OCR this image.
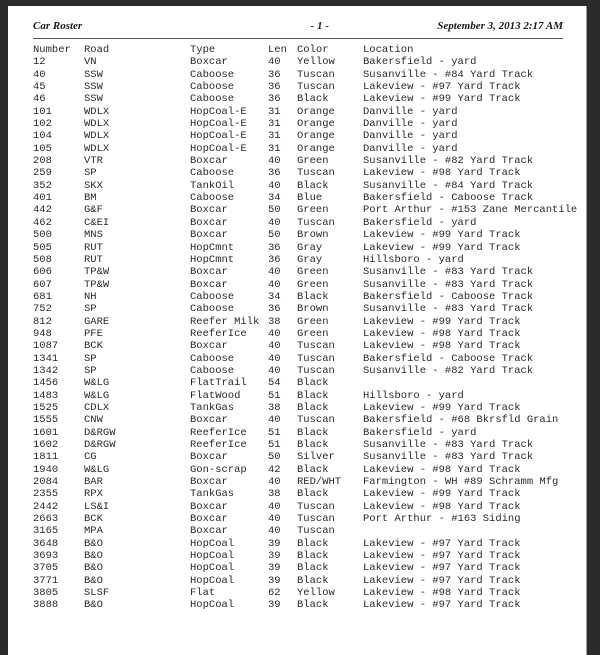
Car Roster	- 1 -	September 3, 2013 2:17 AM
Number	Road	Type	Len	Color	Location
12	VN	Boxcar	40	Yellow	Bakersfield - yard
40	SSW	Caboose	36	Tuscan	Susanville - #84 Yard Track
45	SSW	Caboose	36	Tuscan	Lakeview - #97 Yard Track
46	SSW	Caboose	36	Black	Lakeview - #99 Yard Track
101	WDLX	HopCoal-E	31	Orange	Danville - yard
102	WDLX	HopCoal-E	31	Orange	Danville - yard
104	WDLX	HopCoal-E	31	Orange	Danville - yard
105	WDLX	HopCoal-E	31	Orange	Danville - yard
208	VTR	Boxcar	40	Green	Susanville - #82 Yard Track
259	SP	Caboose	36	Tuscan	Lakeview - #98 Yard Track
352	SKX	TankOil	40	Black	Susanville - #84 Yard Track
401	BM	Caboose	34	Blue	Bakersfield - Caboose Track
442	G&F	Boxcar	50	Green	Port Arthur - #153 Zane Mercantile
462	C&EI	Boxcar	40	Tuscan	Bakersfield - yard
500	MNS	Boxcar	50	Brown	Lakeview - #99 Yard Track
505	RUT	HopCmnt	36	Gray	Lakeview - #99 Yard Track
508	RUT	HopCmnt	36	Gray	Hillsboro - yard
606	TP&W	Boxcar	40	Green	Susanville - #83 Yard Track
607	TP&W	Boxcar	40	Green	Susanville - #83 Yard Track
681	NH	Caboose	34	Black	Bakersfield - Caboose Track
752	SP	Caboose	36	Brown	Susanville - #83 Yard Track
812	GARE	Reefer Milk	38	Green	Lakeview - #99 Yard Track
948	PFE	ReeferIce	40	Green	Lakeview - #98 Yard Track
1087	BCK	Boxcar	40	Tuscan	Lakeview - #98 Yard Track
1341	SP	Caboose	40	Tuscan	Bakersfield - Caboose Track
1342	SP	Caboose	40	Tuscan	Susanville - #82 Yard Track
1456	W&LG	FlatTrail	54	Black	
1483	W&LG	FlatWood	51	Black	Hillsboro - yard
1525	CDLX	TankGas	38	Black	Lakeview - #99 Yard Track
1555	CNW	Boxcar	40	Tuscan	Bakersfield - #68 Bkrsfld Grain
1601	D&RGW	ReeferIce	51	Black	Bakersfield - yard
1602	D&RGW	ReeferIce	51	Black	Susanville - #83 Yard Track
1811	CG	Boxcar	50	Silver	Susanville - #83 Yard Track
1940	W&LG	Gon-scrap	42	Black	Lakeview - #98 Yard Track
2084	BAR	Boxcar	40	RED/WHT	Farmington - WH #89 Schramm Mfg
2355	RPX	TankGas	38	Black	Lakeview - #99 Yard Track
2442	LS&I	Boxcar	40	Tuscan	Lakeview - #98 Yard Track
2663	BCK	Boxcar	40	Tuscan	Port Arthur - #163 Siding
3165	MPA	Boxcar	40	Tuscan	
3648	B&O	HopCoal	39	Black	Lakeview - #97 Yard Track
3693	B&O	HopCoal	39	Black	Lakeview - #97 Yard Track
3705	B&O	HopCoal	39	Black	Lakeview - #97 Yard Track
3771	B&O	HopCoal	39	Black	Lakeview - #97 Yard Track
3805	SLSF	Flat	62	Yellow	Lakeview - #98 Yard Track
3888	B&O	HopCoal	39	Black	Lakeview - #97 Yard Track
